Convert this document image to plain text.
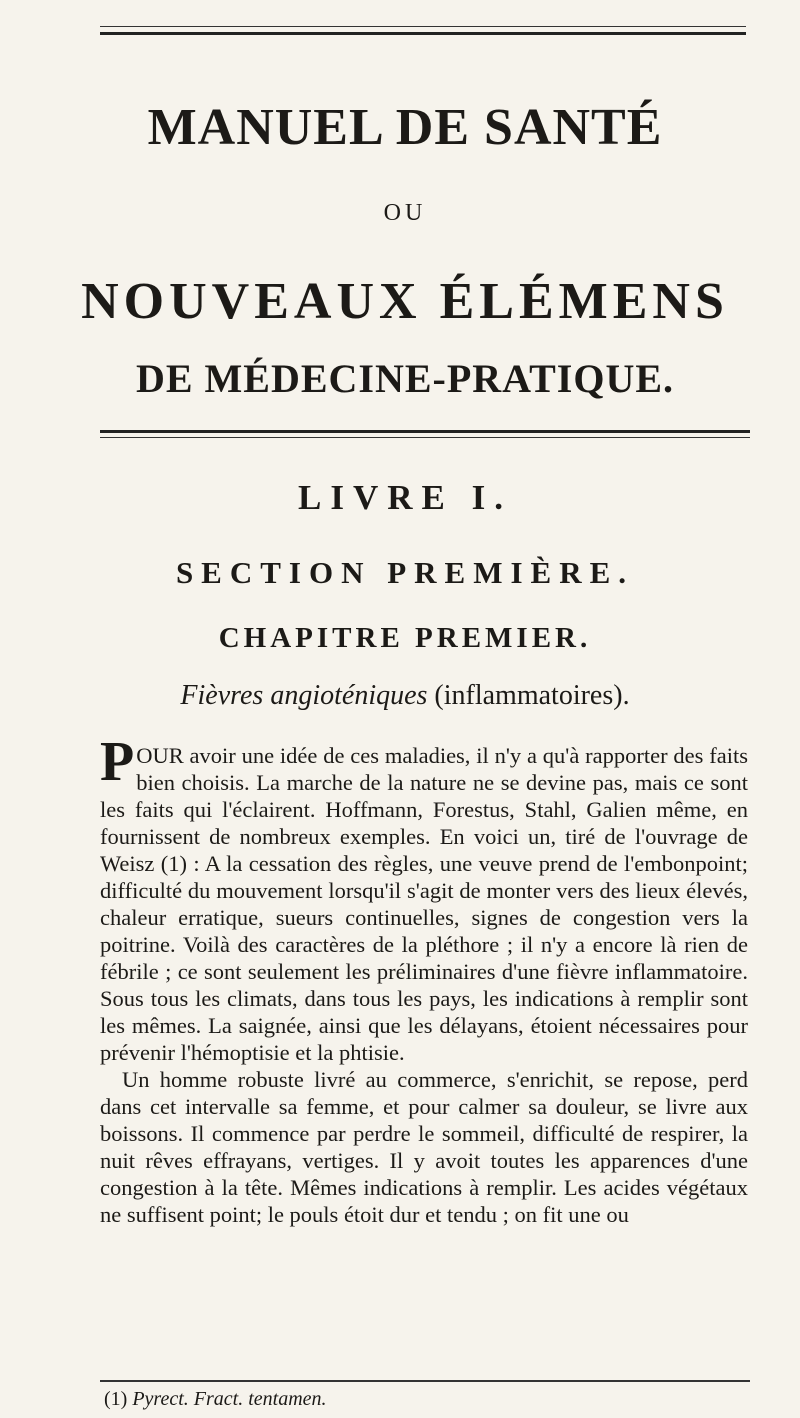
MANUEL DE SANTÉ
OU
NOUVEAUX ÉLÉMENS
DE MÉDECINE-PRATIQUE.
LIVRE I.
SECTION PREMIÈRE.
CHAPITRE PREMIER.
Fièvres angioténiques (inflammatoires).

POUR avoir une idée de ces maladies, il n'y a qu'à rapporter des faits bien choisis. La marche de la nature ne se devine pas, mais ce sont les faits qui l'éclairent. Hoffmann, Forestus, Stahl, Galien même, en fournissent de nombreux exemples. En voici un, tiré de l'ouvrage de Weisz (1) : A la cessation des règles, une veuve prend de l'embonpoint; difficulté du mouvement lorsqu'il s'agit de monter vers des lieux élevés, chaleur erratique, sueurs continuelles, signes de congestion vers la poitrine. Voilà des caractères de la pléthore ; il n'y a encore là rien de fébrile ; ce sont seulement les préliminaires d'une fièvre inflammatoire. Sous tous les climats, dans tous les pays, les indications à remplir sont les mêmes. La saignée, ainsi que les délayans, étoient nécessaires pour prévenir l'hémoptisie et la phtisie.

Un homme robuste livré au commerce, s'enrichit, se repose, perd dans cet intervalle sa femme, et pour calmer sa douleur, se livre aux boissons. Il commence par perdre le sommeil, difficulté de respirer, la nuit rêves effrayans, vertiges. Il y avoit toutes les apparences d'une congestion à la tête. Mêmes indications à remplir. Les acides végétaux ne suffisent point; le pouls étoit dur et tendu ; on fit une ou

(1) Pyrect. Fract. tentamen.
